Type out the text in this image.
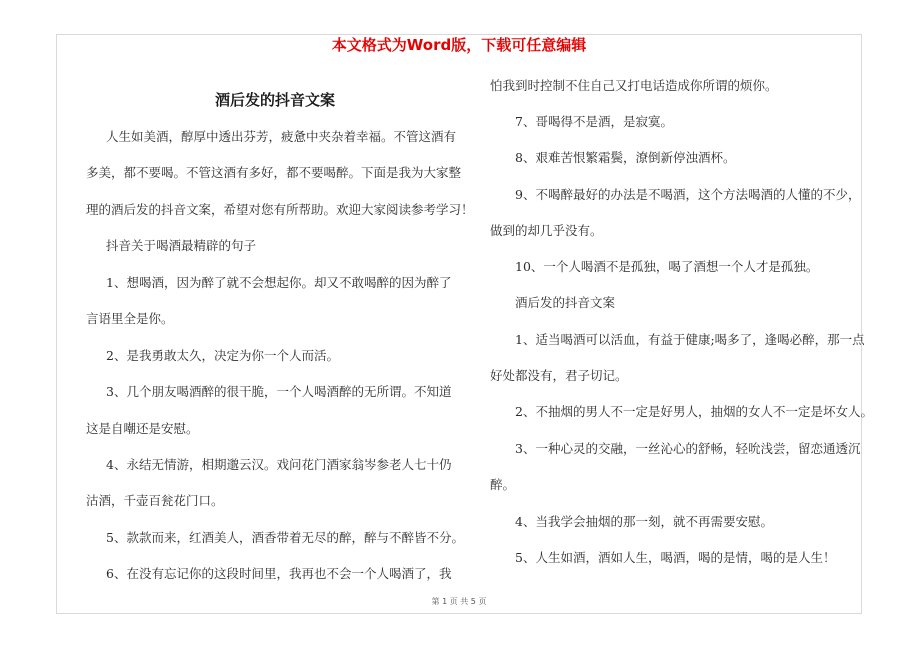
本文格式为Word版，下载可任意编辑
酒后发的抖音文案
人生如美酒，醇厚中透出芬芳，疲惫中夹杂着幸福。不管这酒有
多美，都不要喝。不管这酒有多好，都不要喝醉。下面是我为大家整
理的酒后发的抖音文案，希望对您有所帮助。欢迎大家阅读参考学习！
抖音关于喝酒最精辟的句子
1、想喝酒，因为醉了就不会想起你。却又不敢喝醉的因为醉了
言语里全是你。
2、是我勇敢太久，决定为你一个人而活。
3、几个朋友喝酒醉的很干脆，一个人喝酒醉的无所谓。不知道
这是自嘲还是安慰。
4、永结无情游，相期邈云汉。戏问花门酒家翁岑参老人七十仍
沽酒，千壶百瓮花门口。
5、款款而来，红酒美人，酒香带着无尽的醉，醉与不醉皆不分。
6、在没有忘记你的这段时间里，我再也不会一个人喝酒了，我
怕我到时控制不住自己又打电话造成你所谓的烦你。
7、哥喝得不是酒，是寂寞。
8、艰难苦恨繁霜鬓，潦倒新停浊酒杯。
9、不喝醉最好的办法是不喝酒，这个方法喝酒的人懂的不少，
做到的却几乎没有。
10、一个人喝酒不是孤独，喝了酒想一个人才是孤独。
酒后发的抖音文案
1、适当喝酒可以活血，有益于健康;喝多了，逢喝必醉，那一点
好处都没有，君子切记。
2、不抽烟的男人不一定是好男人，抽烟的女人不一定是坏女人。
3、一种心灵的交融，一丝沁心的舒畅，轻吮浅尝，留恋通透沉
醉。
4、当我学会抽烟的那一刻，就不再需要安慰。
5、人生如酒，酒如人生，喝酒，喝的是情，喝的是人生！
第 1 页 共 5 页
